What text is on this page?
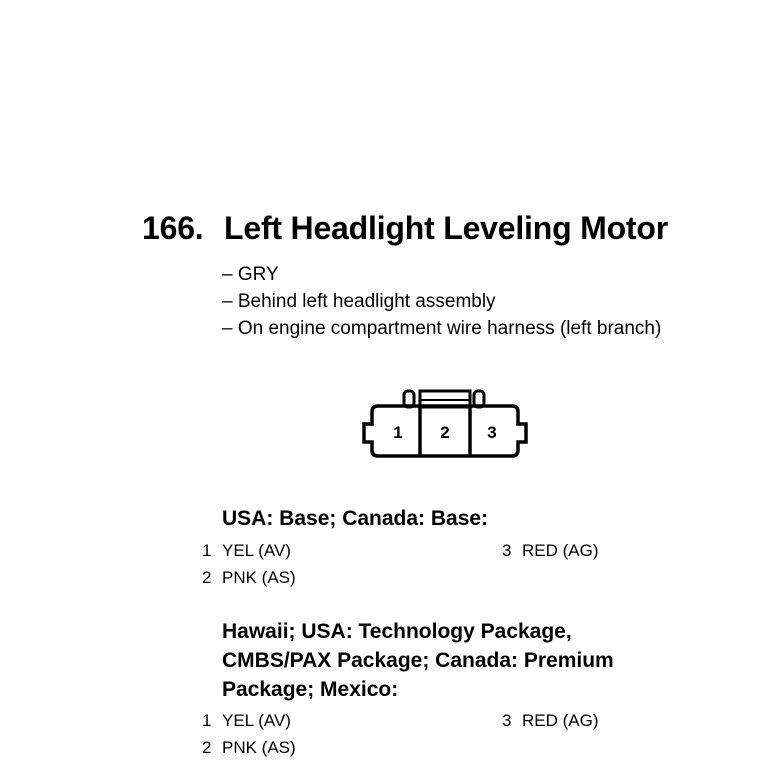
166. Left Headlight Leveling Motor
– GRY
– Behind left headlight assembly
– On engine compartment wire harness (left branch)
1 2 3
USA: Base; Canada: Base:
1 YEL (AV)
2 PNK (AS)
3 RED (AG)
Hawaii; USA: Technology Package,
CMBS/PAX Package; Canada: Premium
Package; Mexico:
1 YEL (AV)
2 PNK (AS)
3 RED (AG)
